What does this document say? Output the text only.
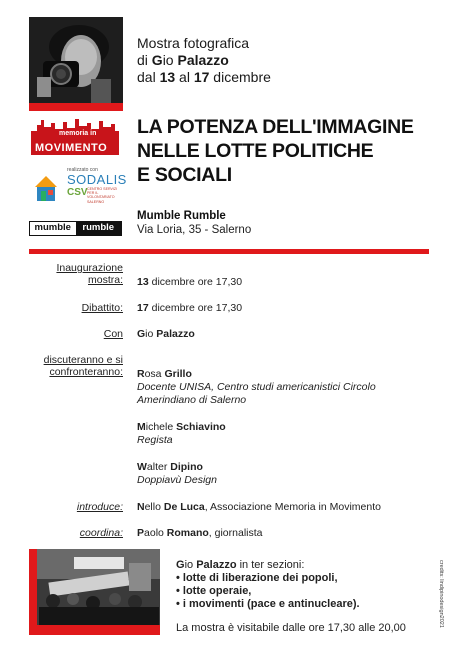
Mostra fotografica
di Gio Palazzo
dal 13 al 17 dicembre
LA POTENZA DELL'IMMAGINE
NELLE LOTTE POLITICHE
E SOCIALI
memoria in
MOVIMENTO
realizzato con
SODALIS
CSV CENTRO SERVIZI PER IL VOLONTARIATO SALERNO
mumble	rumble
Mumble Rumble
Via Loria, 35 - Salerno
Inaugurazione
mostra: 13 dicembre ore 17,30
Dibattito: 17 dicembre ore 17,30
Con Gio Palazzo
discuteranno e si
confronteranno: Rosa Grillo
Docente UNISA, Centro studi americanistici Circolo
Amerindiano di Salerno
Michele Schiavino
Regista
Walter Dipino
Doppiavù Design
introduce: Nello De Luca, Associazione Memoria in Movimento
coordina: Paolo Romano, giornalista
Gio Palazzo in ter sezioni:
• lotte di liberazione dei popoli,
• lotte operaie,
• i movimenti (pace e antinucleare).
La mostra è visitabile dalle ore 17,30 alle 20,00
credits: lindipinodesign2021
